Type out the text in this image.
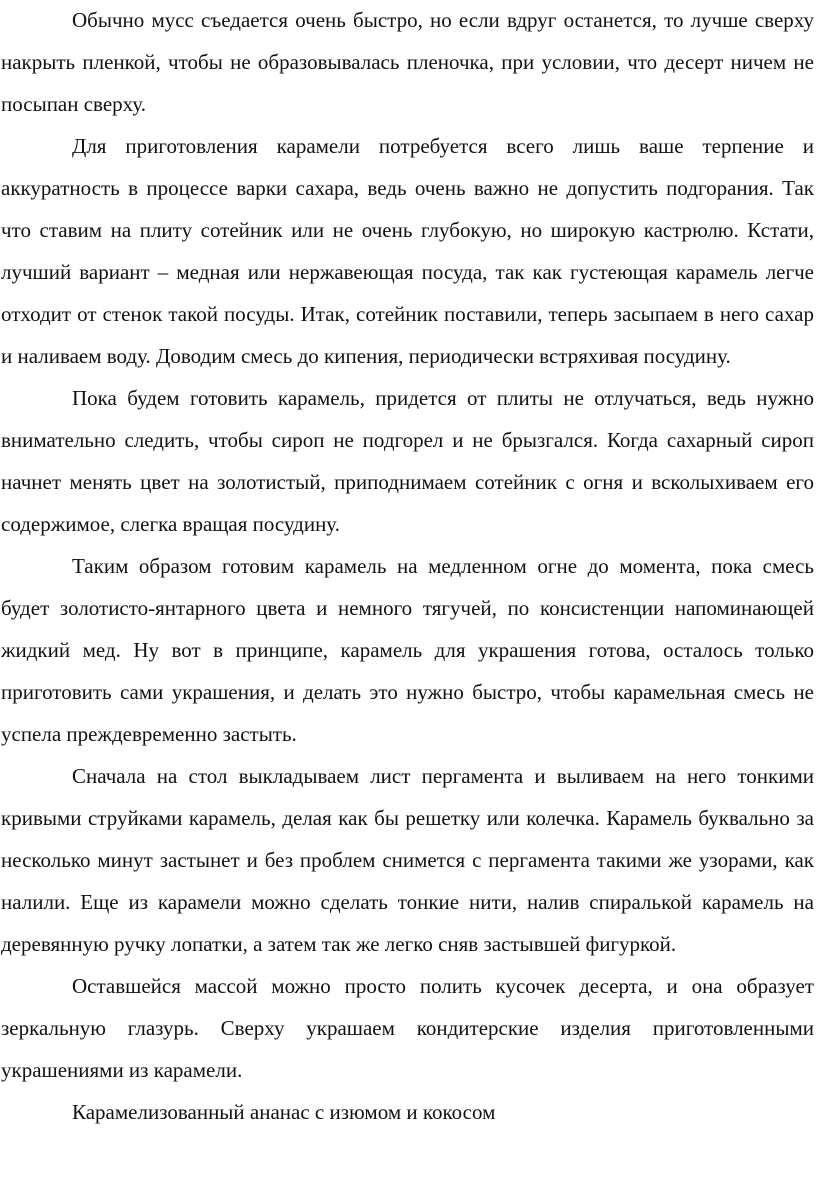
Обычно мусс съедается очень быстро, но если вдруг останется, то лучше сверху накрыть пленкой, чтобы не образовывалась пленочка, при условии, что десерт ничем не посыпан сверху.

Для приготовления карамели потребуется всего лишь ваше терпение и аккуратность в процессе варки сахара, ведь очень важно не допустить подгорания. Так что ставим на плиту сотейник или не очень глубокую, но широкую кастрюлю. Кстати, лучший вариант – медная или нержавеющая посуда, так как густеющая карамель легче отходит от стенок такой посуды. Итак, сотейник поставили, теперь засыпаем в него сахар и наливаем воду. Доводим смесь до кипения, периодически встряхивая посудину.

Пока будем готовить карамель, придется от плиты не отлучаться, ведь нужно внимательно следить, чтобы сироп не подгорел и не брызгался. Когда сахарный сироп начнет менять цвет на золотистый, приподнимаем сотейник с огня и всколыхиваем его содержимое, слегка вращая посудину.

Таким образом готовим карамель на медленном огне до момента, пока смесь будет золотисто-янтарного цвета и немного тягучей, по консистенции напоминающей жидкий мед. Ну вот в принципе, карамель для украшения готова, осталось только приготовить сами украшения, и делать это нужно быстро, чтобы карамельная смесь не успела преждевременно застыть.

Сначала на стол выкладываем лист пергамента и выливаем на него тонкими кривыми струйками карамель, делая как бы решетку или колечка. Карамель буквально за несколько минут застынет и без проблем снимется с пергамента такими же узорами, как налили. Еще из карамели можно сделать тонкие нити, налив спиралькой карамель на деревянную ручку лопатки, а затем так же легко сняв застывшей фигуркой.

Оставшейся массой можно просто полить кусочек десерта, и она образует зеркальную глазурь. Сверху украшаем кондитерские изделия приготовленными украшениями из карамели.

Карамелизованный ананас с изюмом и кокосом
